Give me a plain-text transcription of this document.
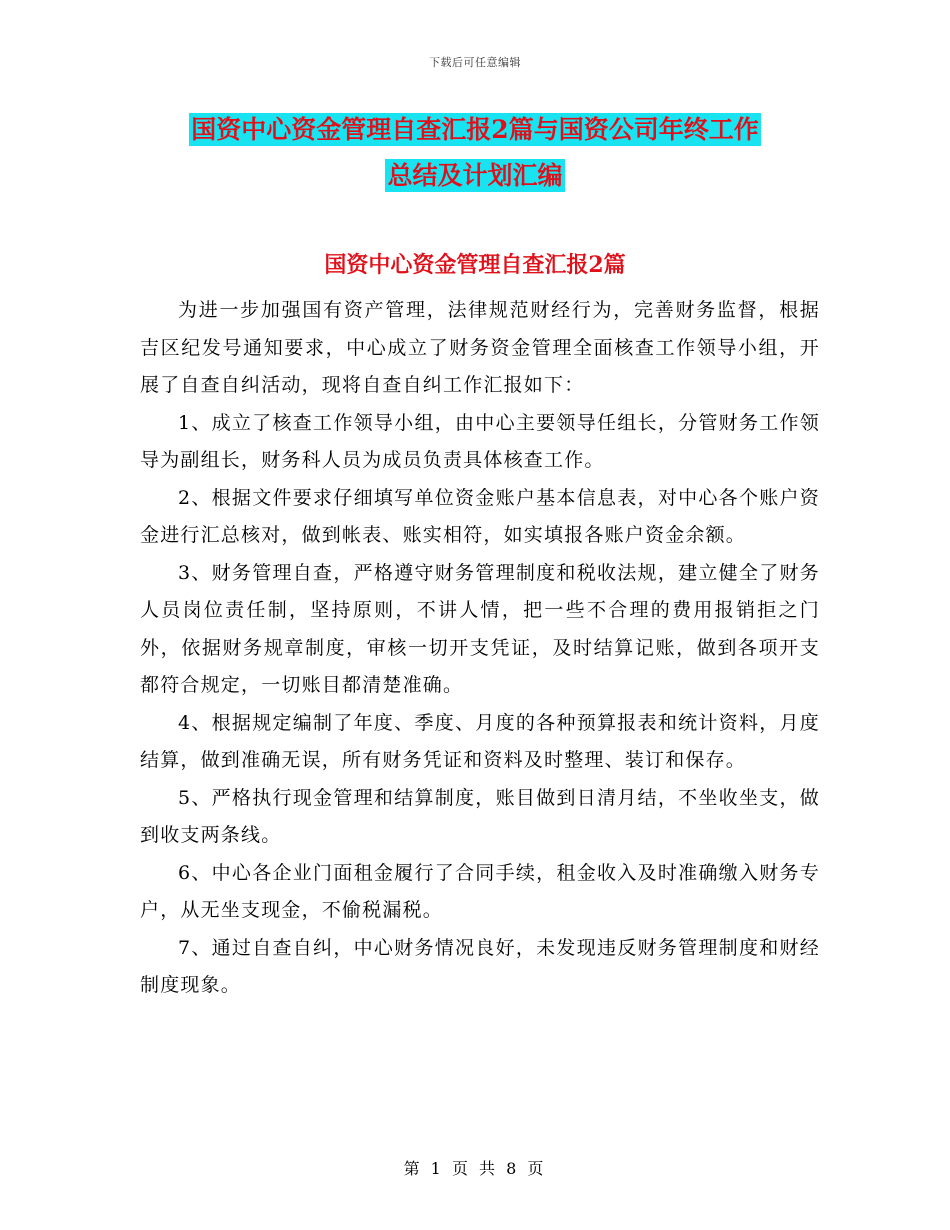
下载后可任意编辑
国资中心资金管理自查汇报2篇与国资公司年终工作
总结及计划汇编
国资中心资金管理自查汇报2篇

为进一步加强国有资产管理，法律规范财经行为，完善财务监督，根据吉区纪发号通知要求，中心成立了财务资金管理全面核查工作领导小组，开展了自查自纠活动，现将自查自纠工作汇报如下：

1、成立了核查工作领导小组，由中心主要领导任组长，分管财务工作领导为副组长，财务科人员为成员负责具体核查工作。

2、根据文件要求仔细填写单位资金账户基本信息表，对中心各个账户资金进行汇总核对，做到帐表、账实相符，如实填报各账户资金余额。

3、财务管理自查，严格遵守财务管理制度和税收法规，建立健全了财务人员岗位责任制，坚持原则，不讲人情，把一些不合理的费用报销拒之门外，依据财务规章制度，审核一切开支凭证，及时结算记账，做到各项开支都符合规定，一切账目都清楚准确。

4、根据规定编制了年度、季度、月度的各种预算报表和统计资料，月度结算，做到准确无误，所有财务凭证和资料及时整理、装订和保存。

5、严格执行现金管理和结算制度，账目做到日清月结，不坐收坐支，做到收支两条线。

6、中心各企业门面租金履行了合同手续，租金收入及时准确缴入财务专户，从无坐支现金，不偷税漏税。

7、通过自查自纠，中心财务情况良好，未发现违反财务管理制度和财经制度现象。

第 1 页 共 8 页
